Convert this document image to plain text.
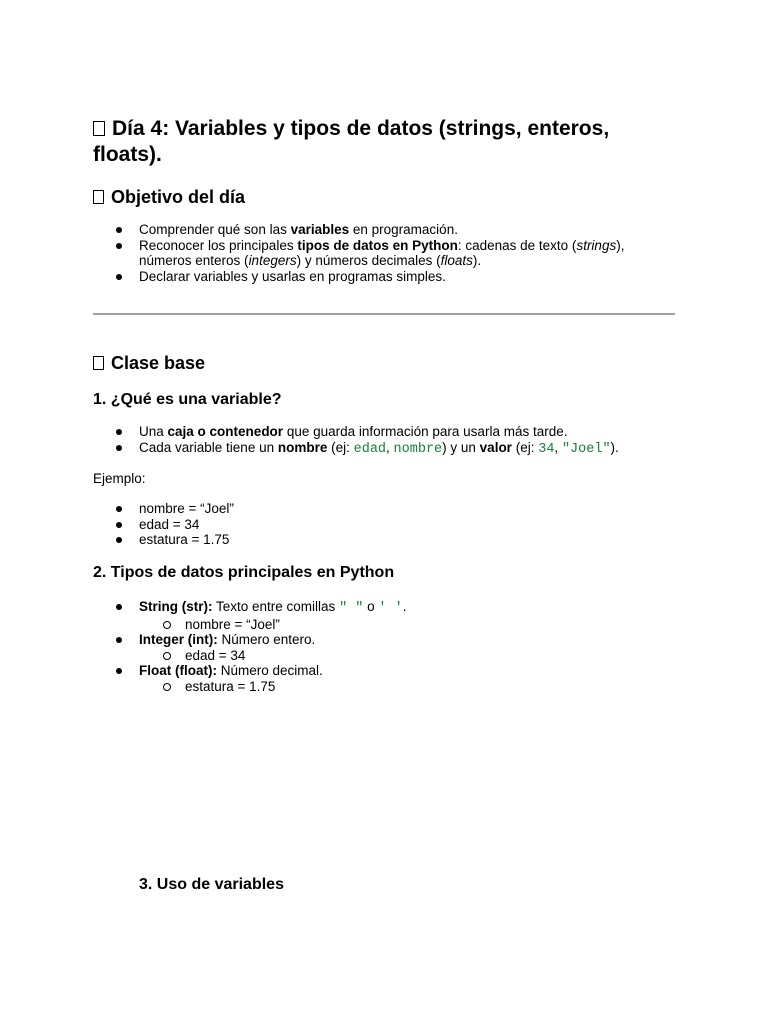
Día 4: Variables y tipos de datos (strings, enteros, floats).
Objetivo del día
Comprender qué son las variables en programación.
Reconocer los principales tipos de datos en Python: cadenas de texto (strings), números enteros (integers) y números decimales (floats).
Declarar variables y usarlas en programas simples.
Clase base
1. ¿Qué es una variable?
Una caja o contenedor que guarda información para usarla más tarde.
Cada variable tiene un nombre (ej: edad, nombre) y un valor (ej: 34, "Joel").

Ejemplo:

nombre = “Joel”
edad = 34
estatura = 1.75
2. Tipos de datos principales en Python
String (str): Texto entre comillas " " o ' '.
nombre = “Joel”
Integer (int): Número entero.
edad = 34
Float (float): Número decimal.
estatura = 1.75
3. Uso de variables
